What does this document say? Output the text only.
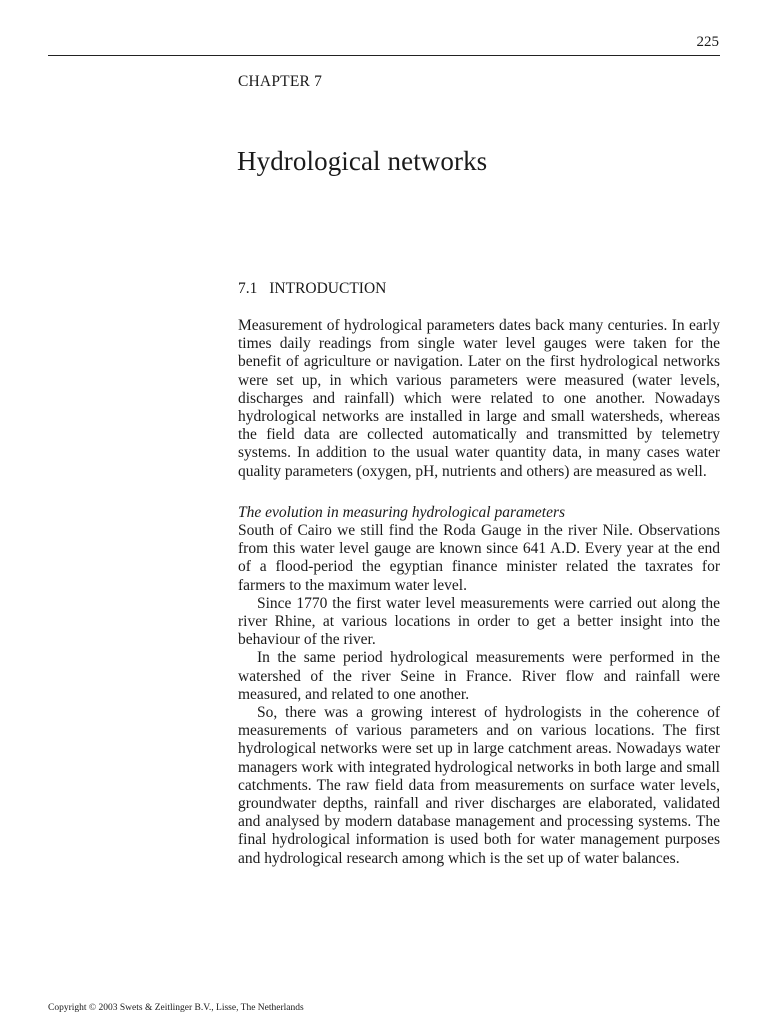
225
CHAPTER 7
Hydrological networks
7.1 INTRODUCTION

Measurement of hydrological parameters dates back many centuries. In early times daily readings from single water level gauges were taken for the benefit of agriculture or navigation. Later on the first hydrological networks were set up, in which various parameters were measured (water levels, discharges and rainfall) which were related to one another. Nowadays hydrological networks are installed in large and small watersheds, whereas the field data are collected automatically and transmitted by telemetry systems. In addition to the usual water quantity data, in many cases water quality parameters (oxygen, pH, nutrients and others) are measured as well.

The evolution in measuring hydrological parameters

South of Cairo we still find the Roda Gauge in the river Nile. Observations from this water level gauge are known since 641 A.D. Every year at the end of a flood-period the egyptian finance minister related the taxrates for farmers to the maximum water level.

Since 1770 the first water level measurements were carried out along the river Rhine, at various locations in order to get a better insight into the behaviour of the river.

In the same period hydrological measurements were performed in the watershed of the river Seine in France. River flow and rainfall were measured, and related to one another.

So, there was a growing interest of hydrologists in the coherence of measurements of various parameters and on various locations. The first hydrological networks were set up in large catchment areas. Nowadays water managers work with integrated hydrological networks in both large and small catchments. The raw field data from measurements on surface water levels, groundwater depths, rainfall and river discharges are elaborated, validated and analysed by modern database management and processing systems. The final hydrological information is used both for water management purposes and hydrological research among which is the set up of water balances.

Copyright © 2003 Swets & Zeitlinger B.V., Lisse, The Netherlands
